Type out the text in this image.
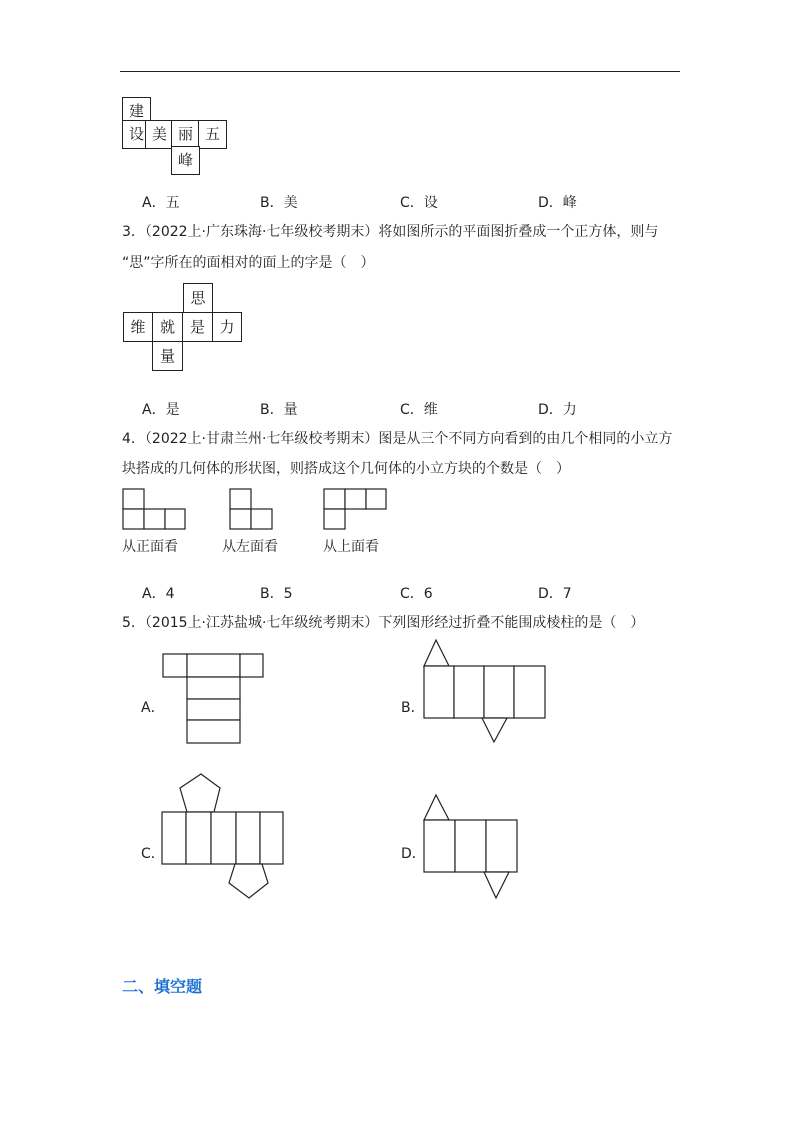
建
设 美 丽 五
峰
A．五	B．美	C．设	D．峰
3．（2022上·广东珠海·七年级校考期末）将如图所示的平面图折叠成一个正方体，则与
“思”字所在的面相对的面上的字是（　）
思
维 就 是 力
量
A．是	B．量	C．维	D．力
4．（2022上·甘肃兰州·七年级校考期末）图是从三个不同方向看到的由几个相同的小立方
块搭成的几何体的形状图，则搭成这个几何体的小立方块的个数是（　）
从正面看	从左面看	从上面看
A．4	B．5	C．6	D．7
5．（2015上·江苏盐城·七年级统考期末）下列图形经过折叠不能围成棱柱的是（　）
A．	B．
C．	D．
二、填空题
